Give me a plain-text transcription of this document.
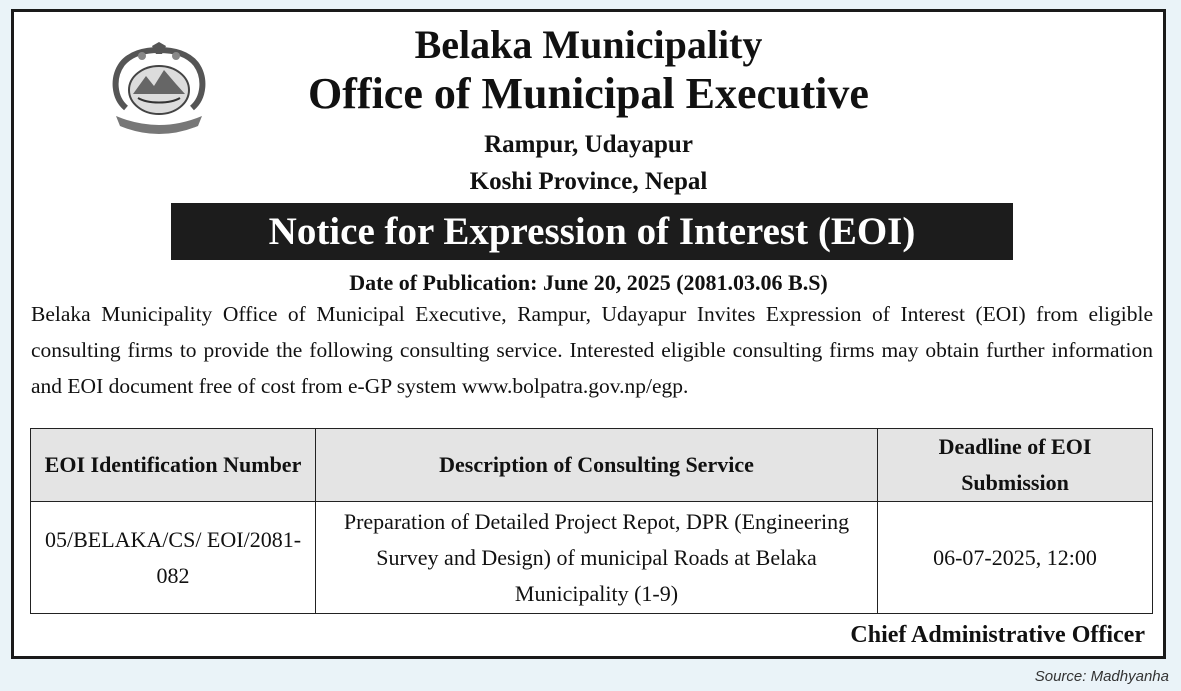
Belaka Municipality
Office of Municipal Executive
Rampur, Udayapur
Koshi Province, Nepal
Notice for Expression of Interest (EOI)
Date of Publication: June 20, 2025 (2081.03.06 B.S)

Belaka Municipality Office of Municipal Executive, Rampur, Udayapur Invites Expression of Interest (EOI) from eligible consulting firms to provide the following consulting service. Interested eligible consulting firms may obtain further information and EOI document free of cost from e-GP system www.bolpatra.gov.np/egp.

EOI Identification Number	Description of Consulting Service	Deadline of EOI Submission
05/BELAKA/CS/ EOI/2081-082	Preparation of Detailed Project Repot, DPR (Engineering Survey and Design) of municipal Roads at Belaka Municipality (1-9)	06-07-2025, 12:00
Chief Administrative Officer
Source: Madhyanha
